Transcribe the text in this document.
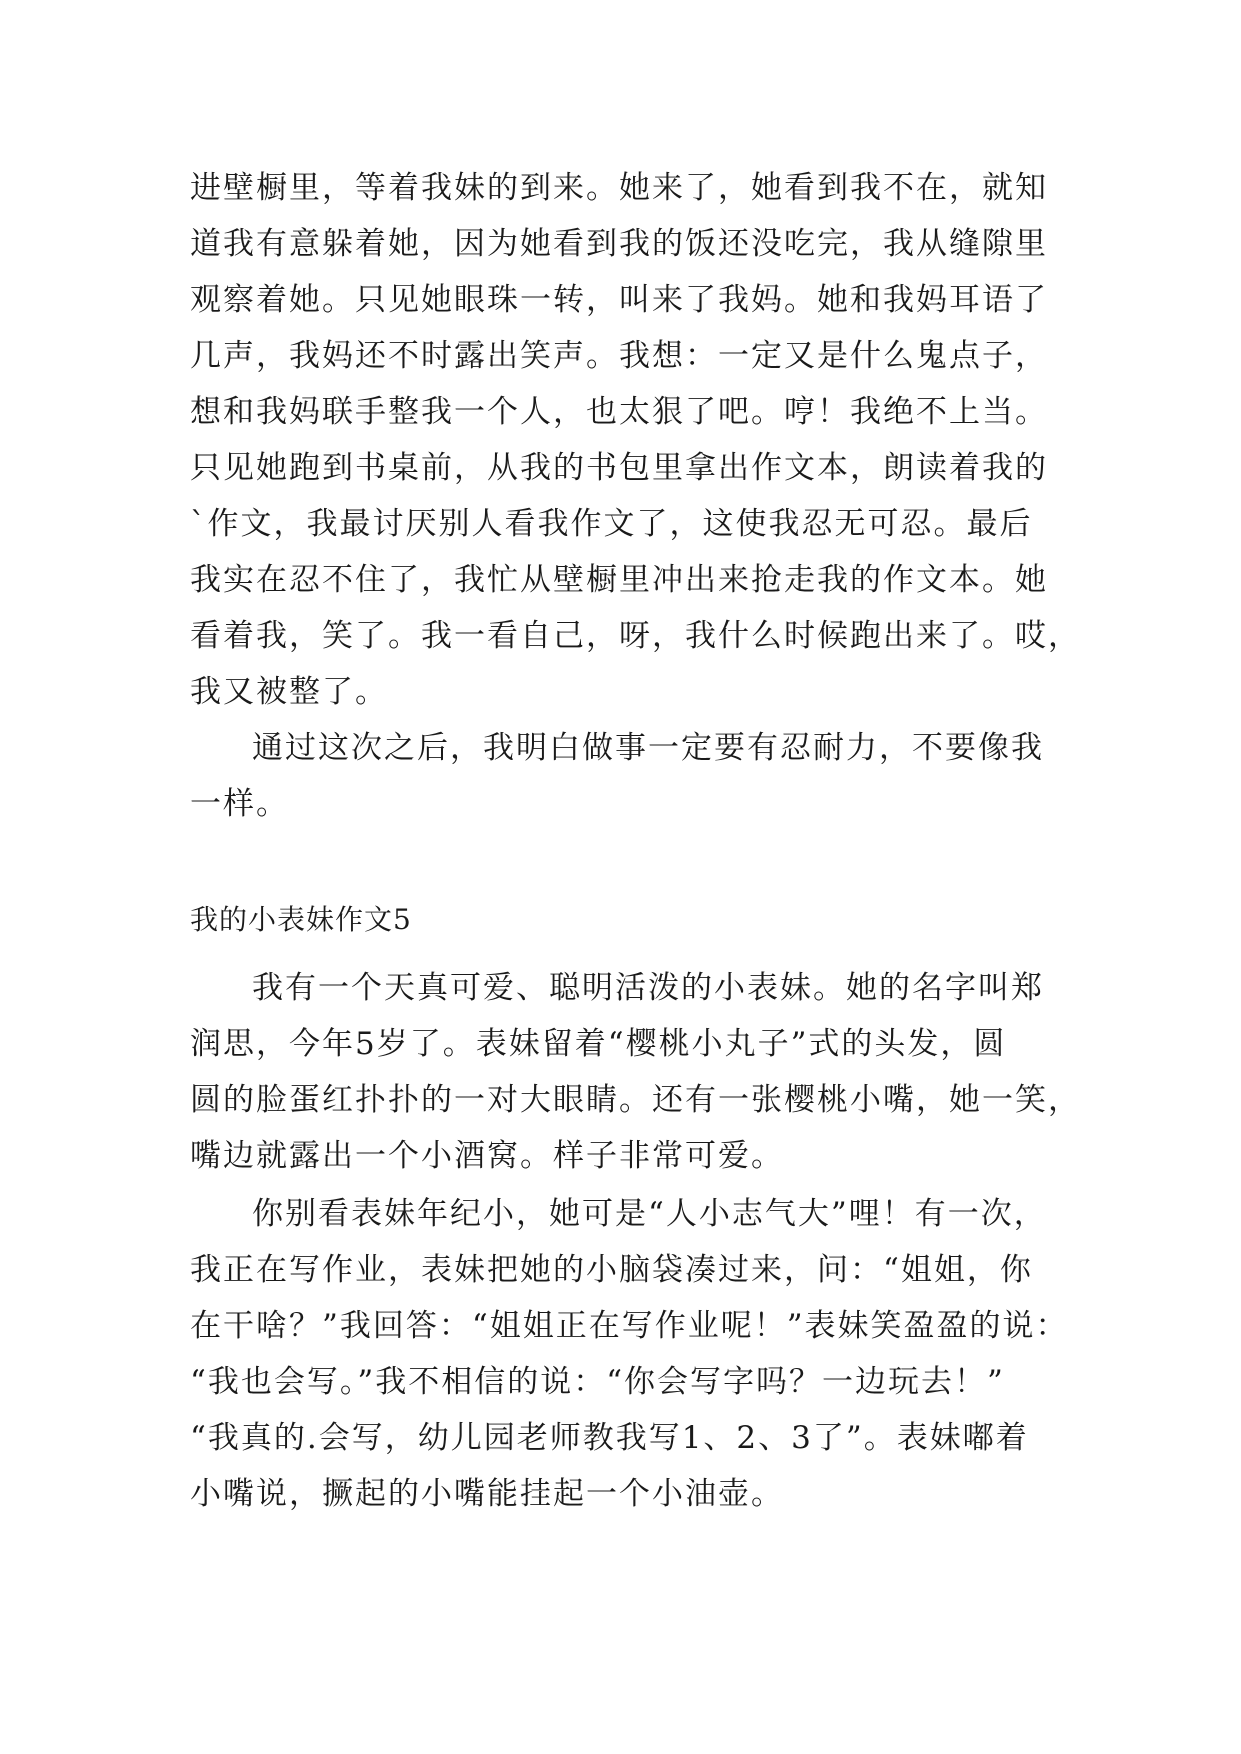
进壁橱里，等着我妹的到来。她来了，她看到我不在，就知
道我有意躲着她，因为她看到我的饭还没吃完，我从缝隙里
观察着她。只见她眼珠一转，叫来了我妈。她和我妈耳语了
几声，我妈还不时露出笑声。我想：一定又是什么鬼点子，
想和我妈联手整我一个人，也太狠了吧。哼！我绝不上当。
只见她跑到书桌前，从我的书包里拿出作文本，朗读着我的
`作文，我最讨厌别人看我作文了，这使我忍无可忍。最后
我实在忍不住了，我忙从壁橱里冲出来抢走我的作文本。她
看着我，笑了。我一看自己，呀，我什么时候跑出来了。哎，
我又被整了。
通过这次之后，我明白做事一定要有忍耐力，不要像我
一样。
我的小表妹作文5
我有一个天真可爱、聪明活泼的小表妹。她的名字叫郑
润思，今年5岁了。表妹留着“樱桃小丸子”式的头发，圆
圆的脸蛋红扑扑的一对大眼睛。还有一张樱桃小嘴，她一笑，
嘴边就露出一个小酒窝。样子非常可爱。
你别看表妹年纪小，她可是“人小志气大”哩！有一次，
我正在写作业，表妹把她的小脑袋凑过来，问：“姐姐，你
在干啥？”我回答：“姐姐正在写作业呢！”表妹笑盈盈的说：
“我也会写。”我不相信的说：“你会写字吗？一边玩去！”
“我真的.会写，幼儿园老师教我写1、2、3了”。表妹嘟着
小嘴说，撅起的小嘴能挂起一个小油壶。
